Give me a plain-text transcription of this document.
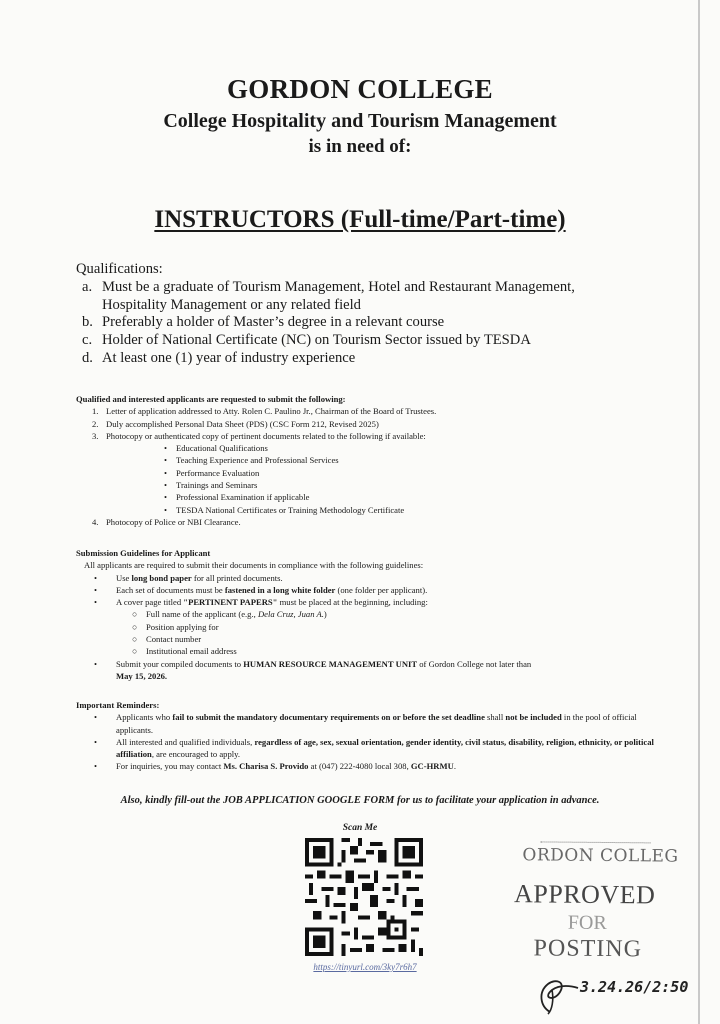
GORDON COLLEGE
College Hospitality and Tourism Management
is in need of:
INSTRUCTORS (Full-time/Part-time)
Qualifications:
a. Must be a graduate of Tourism Management, Hotel and Restaurant Management, Hospitality Management or any related field
b. Preferably a holder of Master’s degree in a relevant course
c. Holder of National Certificate (NC) on Tourism Sector issued by TESDA
d. At least one (1) year of industry experience
Qualified and interested applicants are requested to submit the following:
1. Letter of application addressed to Atty. Rolen C. Paulino Jr., Chairman of the Board of Trustees.
2. Duly accomplished Personal Data Sheet (PDS) (CSC Form 212, Revised 2025)
3. Photocopy or authenticated copy of pertinent documents related to the following if available:
• Educational Qualifications
• Teaching Experience and Professional Services
• Performance Evaluation
• Trainings and Seminars
• Professional Examination if applicable
• TESDA National Certificates or Training Methodology Certificate
4. Photocopy of Police or NBI Clearance.
Submission Guidelines for Applicant
All applicants are required to submit their documents in compliance with the following guidelines:
• Use long bond paper for all printed documents.
• Each set of documents must be fastened in a long white folder (one folder per applicant).
• A cover page titled "PERTINENT PAPERS" must be placed at the beginning, including:
○ Full name of the applicant (e.g., Dela Cruz, Juan A.)
○ Position applying for
○ Contact number
○ Institutional email address
• Submit your compiled documents to HUMAN RESOURCE MANAGEMENT UNIT of Gordon College not later than
May 15, 2026.
Important Reminders:
• Applicants who fail to submit the mandatory documentary requirements on or before the set deadline shall not be included in the pool of official applicants.
• All interested and qualified individuals, regardless of age, sex, sexual orientation, gender identity, civil status, disability, religion, ethnicity, or political affiliation, are encouraged to apply.
• For inquiries, you may contact Ms. Charisa S. Provido at (047) 222-4080 local 308, GC-HRMU.
Also, kindly fill-out the JOB APPLICATION GOOGLE FORM for us to facilitate your application in advance.
Scan Me
https://tinyurl.com/3ky7r6h7
ORDON COLLEG
APPROVED
FOR
POSTING
3.24.26/2:50
